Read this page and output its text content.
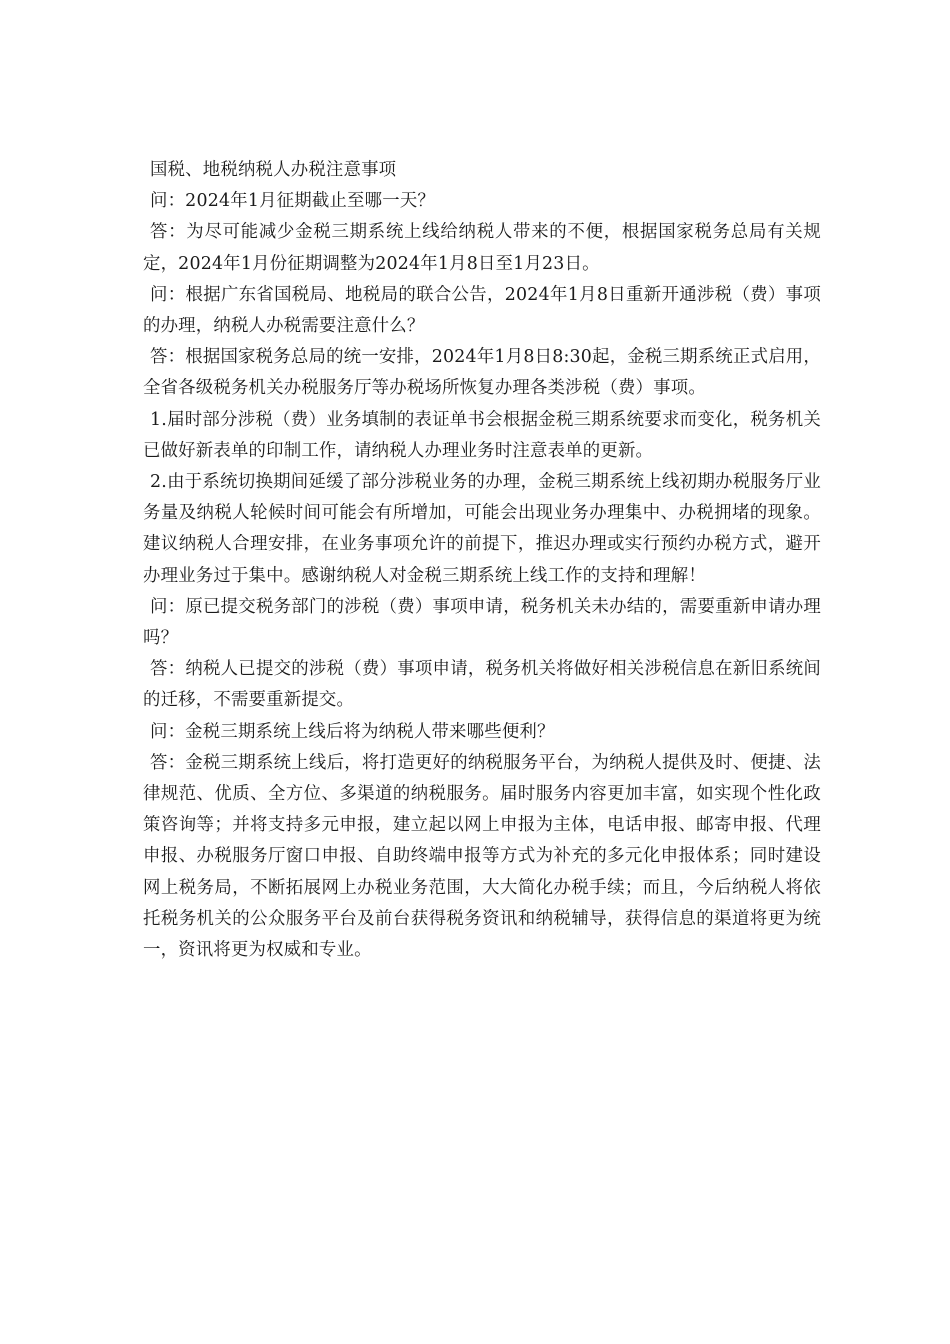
国税、地税纳税人办税注意事项

问：2024年1月征期截止至哪一天？

答：为尽可能减少金税三期系统上线给纳税人带来的不便，根据国家税务总局有关规定，2024年1月份征期调整为2024年1月8日至1月23日。

问：根据广东省国税局、地税局的联合公告，2024年1月8日重新开通涉税（费）事项的办理，纳税人办税需要注意什么？

答：根据国家税务总局的统一安排，2024年1月8日8:30起，金税三期系统正式启用，全省各级税务机关办税服务厅等办税场所恢复办理各类涉税（费）事项。

1.届时部分涉税（费）业务填制的表证单书会根据金税三期系统要求而变化，税务机关已做好新表单的印制工作，请纳税人办理业务时注意表单的更新。

2.由于系统切换期间延缓了部分涉税业务的办理，金税三期系统上线初期办税服务厅业务量及纳税人轮候时间可能会有所增加，可能会出现业务办理集中、办税拥堵的现象。建议纳税人合理安排，在业务事项允许的前提下，推迟办理或实行预约办税方式，避开办理业务过于集中。感谢纳税人对金税三期系统上线工作的支持和理解！

问：原已提交税务部门的涉税（费）事项申请，税务机关未办结的，需要重新申请办理吗？

答：纳税人已提交的涉税（费）事项申请，税务机关将做好相关涉税信息在新旧系统间的迁移，不需要重新提交。

问：金税三期系统上线后将为纳税人带来哪些便利？

答：金税三期系统上线后，将打造更好的纳税服务平台，为纳税人提供及时、便捷、法律规范、优质、全方位、多渠道的纳税服务。届时服务内容更加丰富，如实现个性化政策咨询等；并将支持多元申报，建立起以网上申报为主体，电话申报、邮寄申报、代理申报、办税服务厅窗口申报、自助终端申报等方式为补充的多元化申报体系；同时建设网上税务局，不断拓展网上办税业务范围，大大简化办税手续；而且，今后纳税人将依托税务机关的公众服务平台及前台获得税务资讯和纳税辅导，获得信息的渠道将更为统一，资讯将更为权威和专业。
